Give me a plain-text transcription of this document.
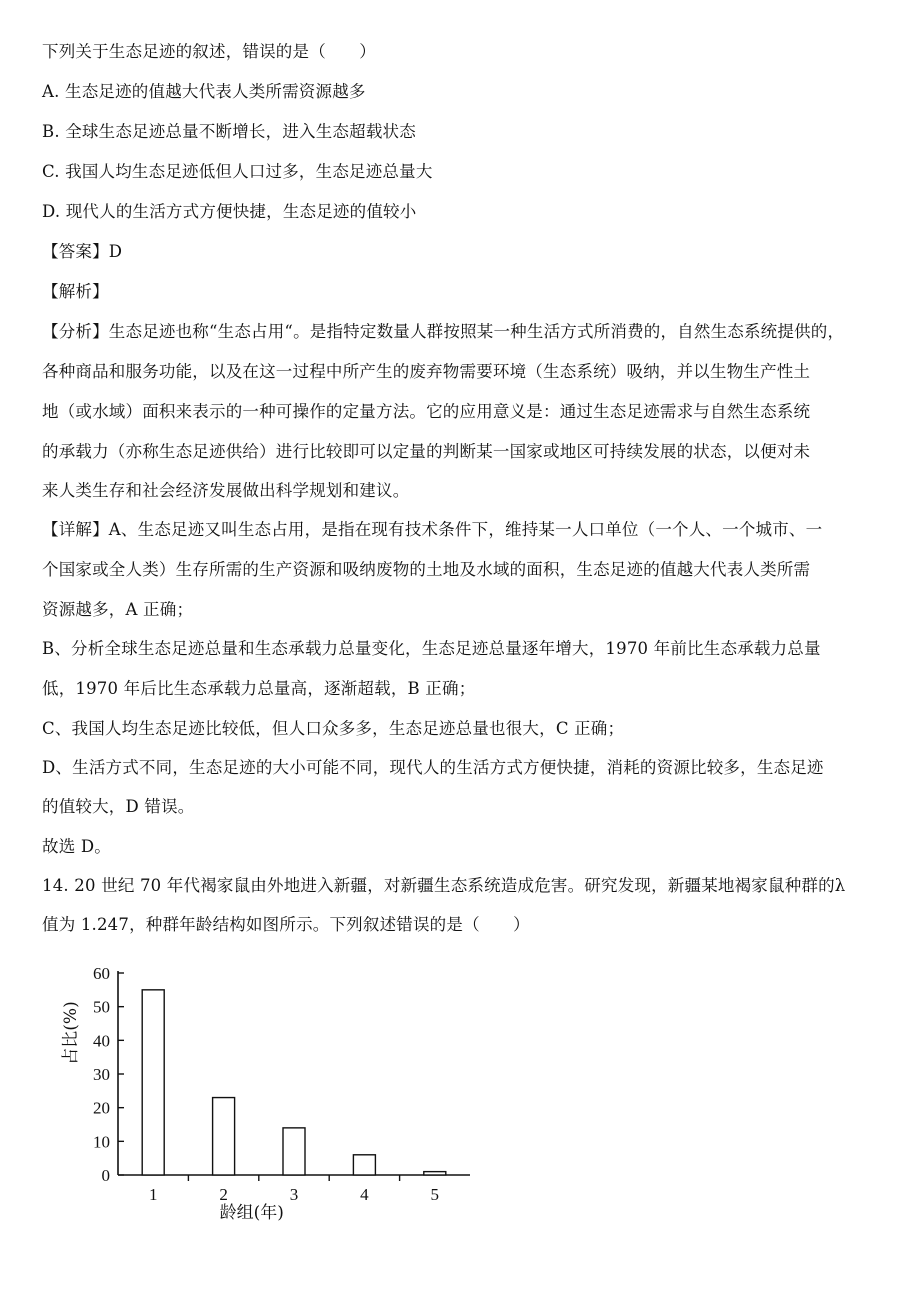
下列关于生态足迹的叙述，错误的是（　　）
A. 生态足迹的值越大代表人类所需资源越多
B. 全球生态足迹总量不断增长，进入生态超载状态
C. 我国人均生态足迹低但人口过多，生态足迹总量大
D. 现代人的生活方式方便快捷，生态足迹的值较小
【答案】D
【解析】
【分析】生态足迹也称“生态占用“。是指特定数量人群按照某一种生活方式所消费的，自然生态系统提供的，
各种商品和服务功能，以及在这一过程中所产生的废弃物需要环境（生态系统）吸纳，并以生物生产性土
地（或水域）面积来表示的一种可操作的定量方法。它的应用意义是：通过生态足迹需求与自然生态系统
的承载力（亦称生态足迹供给）进行比较即可以定量的判断某一国家或地区可持续发展的状态，以便对未
来人类生存和社会经济发展做出科学规划和建议。
【详解】A、生态足迹又叫生态占用，是指在现有技术条件下，维持某一人口单位（一个人、一个城市、一
个国家或全人类）生存所需的生产资源和吸纳废物的土地及水域的面积，生态足迹的值越大代表人类所需
资源越多，A 正确；
B、分析全球生态足迹总量和生态承载力总量变化，生态足迹总量逐年增大，1970 年前比生态承载力总量
低，1970 年后比生态承载力总量高，逐渐超载，B 正确；
C、我国人均生态足迹比较低，但人口众多多，生态足迹总量也很大，C 正确；
D、生活方式不同，生态足迹的大小可能不同，现代人的生活方式方便快捷，消耗的资源比较多，生态足迹
的值较大，D 错误。
故选 D。
14. 20 世纪 70 年代褐家鼠由外地进入新疆，对新疆生态系统造成危害。研究发现，新疆某地褐家鼠种群的λ
值为 1.247，种群年龄结构如图所示。下列叙述错误的是（　　）
0
10
20
30
40
50
60
1	2	3	4	5
占比(%)
龄组(年)
